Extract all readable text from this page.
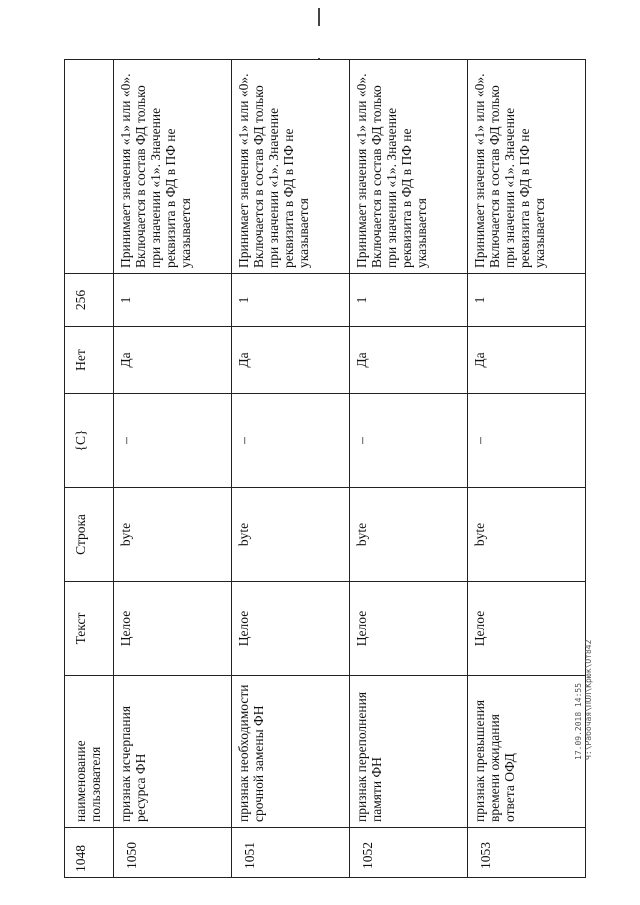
1048	наименование пользователя	Текст	Строка	{С}	Нет	256	
1050	признак исчерпания ресурса ФН	Целое	byte	–	Да	1	Принимает значения «1» или «0». Включается в состав ФД только при значении «1». Значение реквизита в ФД в ПФ не указывается
1051	признак необходимости срочной замены ФН	Целое	byte	–	Да	1	Принимает значения «1» или «0». Включается в состав ФД только при значении «1». Значение реквизита в ФД в ПФ не указывается
1052	признак переполнения памяти ФН	Целое	byte	–	Да	1	Принимает значения «1» или «0». Включается в состав ФД только при значении «1». Значение реквизита в ФД в ПФ не указывается
1053	признак превышения времени ожидания ответа ОФД	Целое	byte	–	Да	1	Принимает значения «1» или «0». Включается в состав ФД только при значении «1». Значение реквизита в ФД в ПФ не указывается
17.09.2018 14:55 Ч:\Рабочая\ПОЛ\Крюк\От842
